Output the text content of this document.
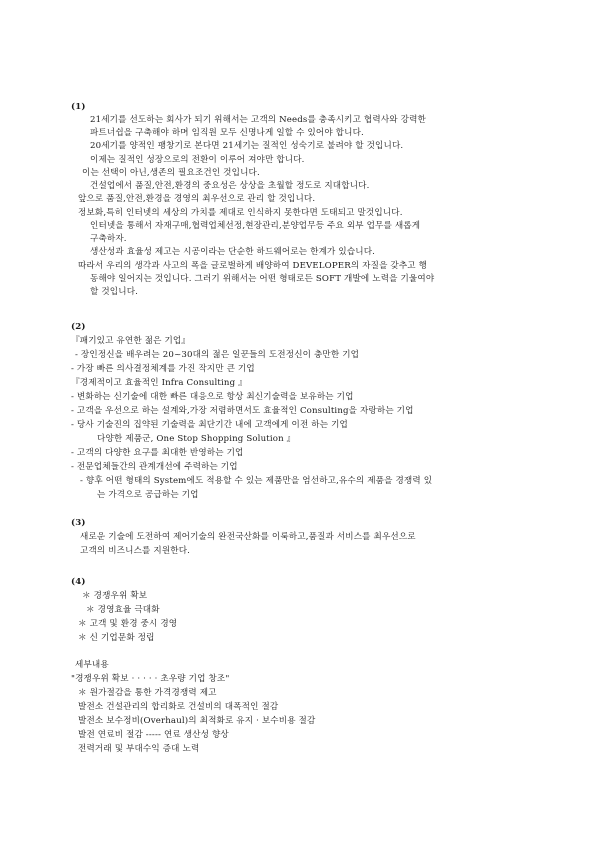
(1)
21세기를 선도하는 회사가 되기 위해서는 고객의 Needs를 충족시키고 협력사와 강력한
파트너쉽을 구축해야 하며 임직원 모두 신명나게 일할 수 있어야 합니다.
20세기를 양적인 팽창기로 본다면 21세기는 질적인 성숙기로 불려야 할 것입니다.
이제는 질적인 성장으로의 전환이 이루어 져야만 합니다.
이는 선택이 아닌,생존의 필요조건인 것입니다.
건설업에서 품질,안전,환경의 중요성은 상상을 초월할 정도로 지대합니다.
앞으로 품질,안전,환경을 경영의 최우선으로 관리 할 것입니다.
정보화,특히 인터넷의 세상의 가치를 제대로 인식하지 못한다면 도태되고 말것입니다.
인터넷을 통해서 자재구매,협력업체선정,현장관리,분양업무등 주요 외부 업무를 새롭게
구축하자.
생산성과 효율성 제고는 시공이라는 단순한 하드웨어로는 한계가 있습니다.
따라서 우리의 생각과 사고의 폭을 글로벌하게 배양하여 DEVELOPER의 자질을 갖추고 행
동해야 일어지는 것입니다. 그러기 위해서는 어떤 형태로든 SOFT 개발에 노력을 기울여야
할 것입니다.
(2)
『패기있고 유연한 젊은 기업』
- 장인정신을 배우려는 20~30대의 젊은 일꾼들의 도전정신이 충만한 기업
- 가장 빠른 의사결정체계를 가진 작지만 큰 기업
『경제적이고 효율적인 Infra Consulting 』
- 변화하는 신기술에 대한 빠른 대응으로 항상 최신기술력을 보유하는 기업
- 고객을 우선으로 하는 설계와,가장 저렴하면서도 효율적인 Consulting을 자랑하는 기업
- 당사 기술진의 집약된 기술력을 최단기간 내에 고객에게 이전 하는 기업
다양한 제품군, One Stop Shopping Solution 』
- 고객의 다양한 요구를 최대한 반영하는 기업
- 전문업체들간의 관계개선에 주력하는 기업
- 향후 어떤 형태의 System에도 적용할 수 있는 제품만을 엄선하고,유수의 제품을 경쟁력 있
는 가격으로 공급하는 기업
(3)
새로운 기술에 도전하여 제어기술의 완전국산화를 이룩하고,품질과 서비스를 최우선으로
고객의 비즈니스를 지원한다.
(4)
＊ 경쟁우위 확보
＊ 경영효율 극대화
＊ 고객 및 환경 중시 경영
＊ 신 기업문화 정립
세부내용
"경쟁우위 확보 · · · · · 초우량 기업 창조"
＊ 원가절감을 통한 가격경쟁력 제고
발전소 건설관리의 합리화로 건설비의 대폭적인 절감
발전소 보수정비(Overhaul)의 최적화로 유지 · 보수비용 절감
발전 연료비 절감 ----- 연료 생산성 향상
전력거래 및 부대수익 증대 노력
